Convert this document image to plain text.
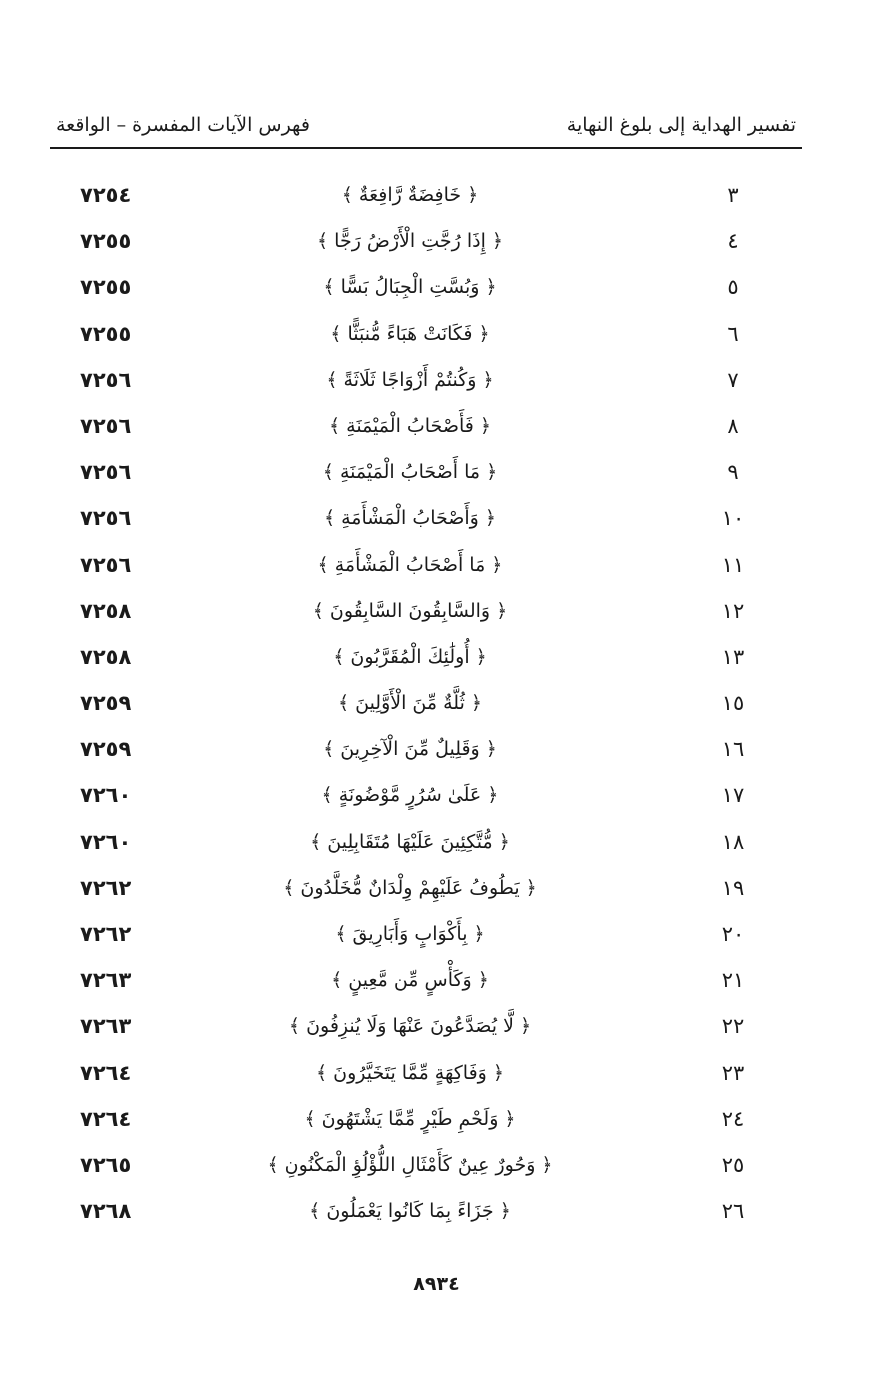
تفسير الهداية إلى بلوغ النهاية
فهرس الآيات المفسرة – الواقعة
٣
﴿ خَافِضَةٌ رَّافِعَةٌ ﴾
٧٢٥٤
٤
﴿ إِذَا رُجَّتِ الْأَرْضُ رَجًّا ﴾
٧٢٥٥
٥
﴿ وَبُسَّتِ الْجِبَالُ بَسًّا ﴾
٧٢٥٥
٦
﴿ فَكَانَتْ هَبَاءً مُّنبَثًّا ﴾
٧٢٥٥
٧
﴿ وَكُنتُمْ أَزْوَاجًا ثَلَاثَةً ﴾
٧٢٥٦
٨
﴿ فَأَصْحَابُ الْمَيْمَنَةِ ﴾
٧٢٥٦
٩
﴿ مَا أَصْحَابُ الْمَيْمَنَةِ ﴾
٧٢٥٦
١٠
﴿ وَأَصْحَابُ الْمَشْأَمَةِ ﴾
٧٢٥٦
١١
﴿ مَا أَصْحَابُ الْمَشْأَمَةِ ﴾
٧٢٥٦
١٢
﴿ وَالسَّابِقُونَ السَّابِقُونَ ﴾
٧٢٥٨
١٣
﴿ أُولَٰئِكَ الْمُقَرَّبُونَ ﴾
٧٢٥٨
١٥
﴿ ثُلَّةٌ مِّنَ الْأَوَّلِينَ ﴾
٧٢٥٩
١٦
﴿ وَقَلِيلٌ مِّنَ الْآخِرِينَ ﴾
٧٢٥٩
١٧
﴿ عَلَىٰ سُرُرٍ مَّوْضُونَةٍ ﴾
٧٢٦٠
١٨
﴿ مُّتَّكِئِينَ عَلَيْهَا مُتَقَابِلِينَ ﴾
٧٢٦٠
١٩
﴿ يَطُوفُ عَلَيْهِمْ وِلْدَانٌ مُّخَلَّدُونَ ﴾
٧٢٦٢
٢٠
﴿ بِأَكْوَابٍ وَأَبَارِيقَ ﴾
٧٢٦٢
٢١
﴿ وَكَأْسٍ مِّن مَّعِينٍ ﴾
٧٢٦٣
٢٢
﴿ لَّا يُصَدَّعُونَ عَنْهَا وَلَا يُنزِفُونَ ﴾
٧٢٦٣
٢٣
﴿ وَفَاكِهَةٍ مِّمَّا يَتَخَيَّرُونَ ﴾
٧٢٦٤
٢٤
﴿ وَلَحْمِ طَيْرٍ مِّمَّا يَشْتَهُونَ ﴾
٧٢٦٤
٢٥
﴿ وَحُورٌ عِينٌ كَأَمْثَالِ اللُّؤْلُؤِ الْمَكْنُونِ ﴾
٧٢٦٥
٢٦
﴿ جَزَاءً بِمَا كَانُوا يَعْمَلُونَ ﴾
٧٢٦٨
٨٩٣٤
